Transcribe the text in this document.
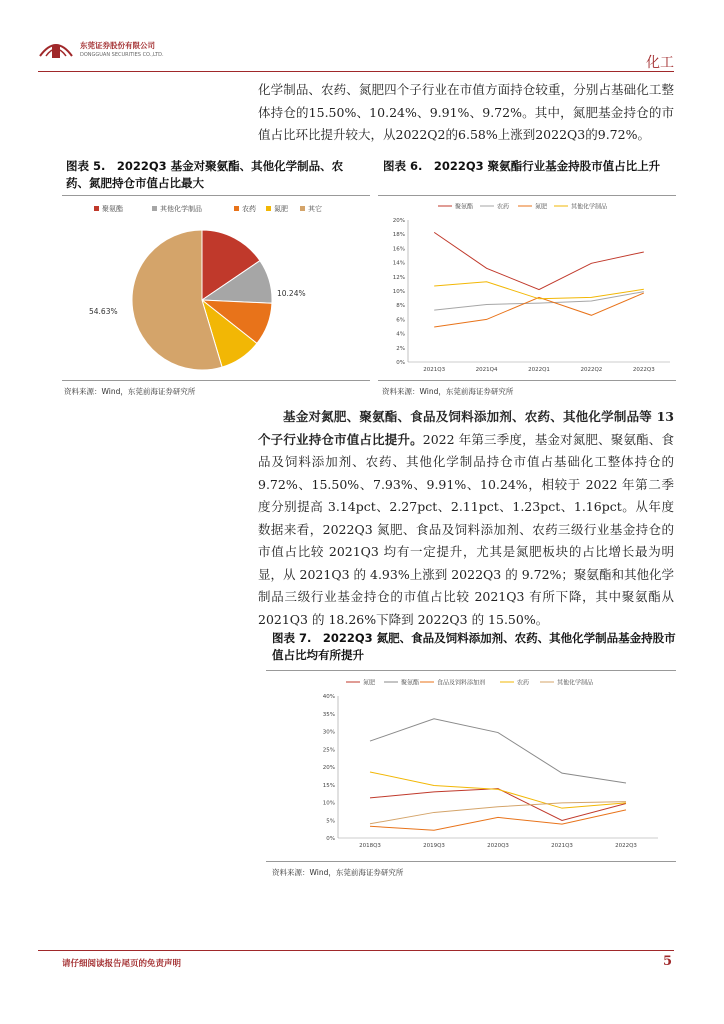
东莞证券股份有限公司
DONGGUAN SECURITIES CO.,LTD.	化工
化学制品、农药、氮肥四个子行业在市值方面持仓较重，分别占基础化工整体持仓的15.50%、10.24%、9.91%、9.72%。其中，氮肥基金持仓的市值占比环比提升较大，从2022Q2的6.58%上涨到2022Q3的9.72%。
图表 5.　2022Q3 基金对聚氨酯、其他化学制品、农药、氮肥持仓市值占比最大
聚氨酯	其他化学制品	农药	氮肥	其它
15.50%
10.24%
9.91%
9.72%
54.63%
资料来源：Wind，东莞前海证券研究所
图表 6.　2022Q3 聚氨酯行业基金持股市值占比上升
聚氨酯	农药	氮肥	其他化学制品
0%
2%
4%
6%
8%
10%
12%
14%
16%
18%
20%
2021Q3	2021Q4	2022Q1	2022Q2	2022Q3
资料来源：Wind，东莞前海证券研究所
基金对氮肥、聚氨酯、食品及饲料添加剂、农药、其他化学制品等 13 个子行业持仓市值占比提升。2022 年第三季度，基金对氮肥、聚氨酯、食品及饲料添加剂、农药、其他化学制品持仓市值占基础化工整体持仓的 9.72%、15.50%、7.93%、9.91%、10.24%，相较于 2022 年第二季度分别提高 3.14pct、2.27pct、2.11pct、1.23pct、1.16pct。从年度数据来看，2022Q3 氮肥、食品及饲料添加剂、农药三级行业基金持仓的市值占比较 2021Q3 均有一定提升，尤其是氮肥板块的占比增长最为明显，从 2021Q3 的 4.93%上涨到 2022Q3 的 9.72%；聚氨酯和其他化学制品三级行业基金持仓的市值占比较 2021Q3 有所下降，其中聚氨酯从 2021Q3 的 18.26%下降到 2022Q3 的 15.50%。
图表 7.　2022Q3 氮肥、食品及饲料添加剂、农药、其他化学制品基金持股市值占比均有所提升
氮肥	聚氨酯	食品及饲料添加剂	农药	其他化学制品
0%
5%
10%
15%
20%
25%
30%
35%
40%
2018Q3	2019Q3	2020Q3	2021Q3	2022Q3
资料来源：Wind，东莞前海证券研究所
请仔细阅读报告尾页的免责声明	5
